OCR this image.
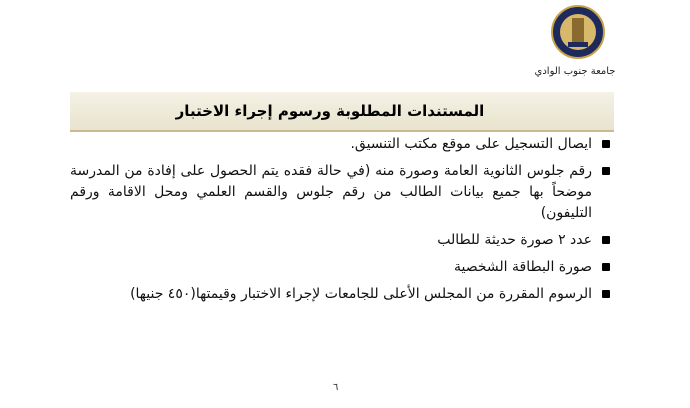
جامعة جنوب الوادي
المستندات المطلوبة ورسوم إجراء الاختبار
ايصال التسجيل على موقع مكتب التنسيق.
رقم جلوس الثانوية العامة وصورة منه (في حالة فقده يتم الحصول على إفادة من المدرسة موضحاً بها جميع بيانات الطالب من رقم جلوس والقسم العلمي ومحل الاقامة ورقم التليفون)
عدد ٢ صورة حديثة للطالب
صورة البطاقة الشخصية
الرسوم المقررة من المجلس الأعلى للجامعات لإجراء الاختبار وقيمتها(٤٥٠ جنيها)
٦
